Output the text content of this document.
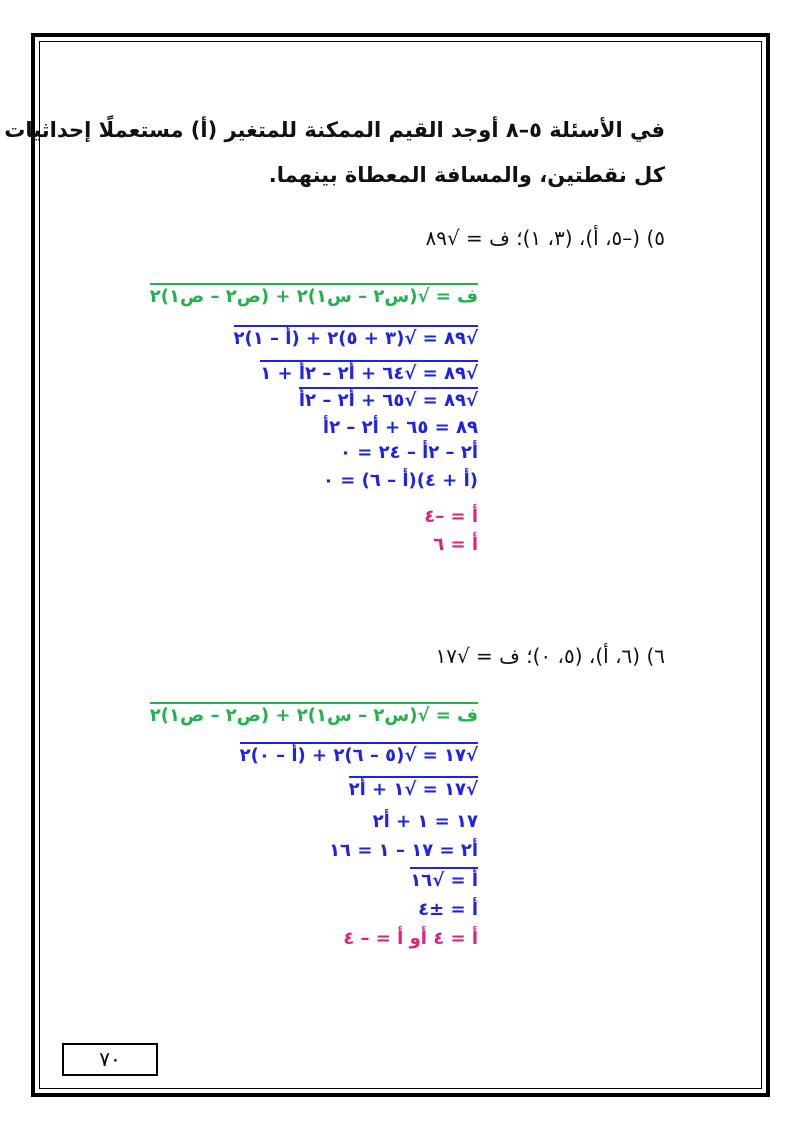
في الأسئلة ٥–٨ أوجد القيم الممكنة للمتغير (أ) مستعملًا إحداثيات
كل نقطتين، والمسافة المعطاة بينهما.
٥) (–٥، أ)، (٣، ١)؛ ف = √٨٩
ف = √(س٢ – س١)٢ + (ص٢ – ص١)٢
√٨٩ = √(٣ + ٥)٢ + (أ – ١)٢
√٨٩ = √٦٤ + أ٢ – ٢أ + ١
√٨٩ = √٦٥ + أ٢ – ٢أ
٨٩ = ٦٥ + أ٢ – ٢أ
أ٢ – ٢أ – ٢٤ = ٠
(أ + ٤)(أ – ٦) = ٠
أ = –٤
أ = ٦
٦) (٦، أ)، (٥، ٠)؛ ف = √١٧
ف = √(س٢ – س١)٢ + (ص٢ – ص١)٢
√١٧ = √(٥ – ٦)٢ + (أ – ٠)٢
√١٧ = √١ + أ٢
١٧ = ١ + أ٢
أ٢ = ١٧ – ١ = ١٦
أ = √١٦
أ = ±٤
أ = ٤ أو أ = – ٤
٧٠
